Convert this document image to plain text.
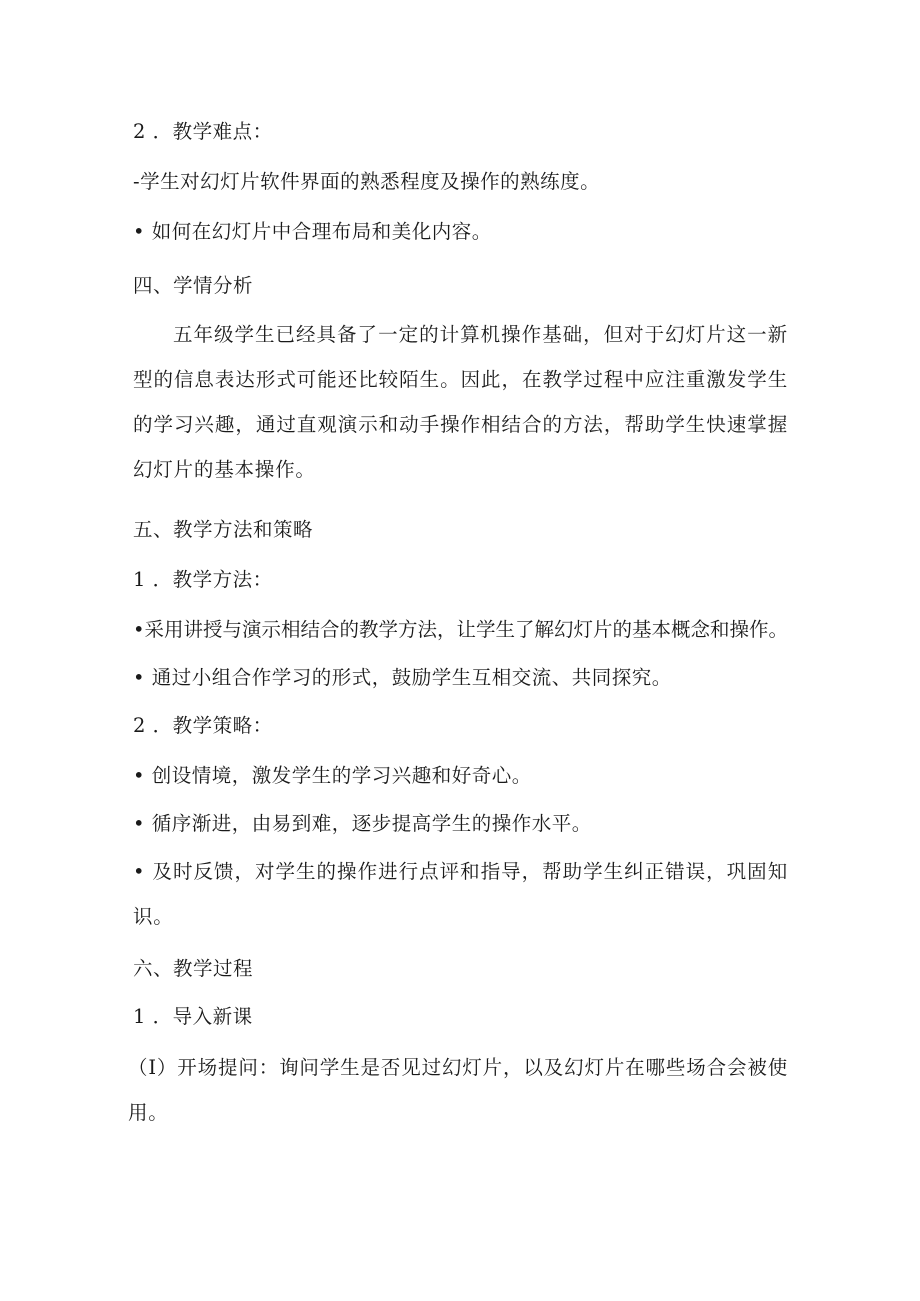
2 ．教学难点：
-学生对幻灯片软件界面的熟悉程度及操作的熟练度。
• 如何在幻灯片中合理布局和美化内容。
四、学情分析
五年级学生已经具备了一定的计算机操作基础，但对于幻灯片这一新型的信息表达形式可能还比较陌生。因此，在教学过程中应注重激发学生的学习兴趣，通过直观演示和动手操作相结合的方法，帮助学生快速掌握幻灯片的基本操作。
五、教学方法和策略
1 ．教学方法：
•采用讲授与演示相结合的教学方法，让学生了解幻灯片的基本概念和操作。
• 通过小组合作学习的形式，鼓励学生互相交流、共同探究。
2 ．教学策略：
• 创设情境，激发学生的学习兴趣和好奇心。
• 循序渐进，由易到难，逐步提高学生的操作水平。
• 及时反馈，对学生的操作进行点评和指导，帮助学生纠正错误，巩固知识。
六、教学过程
1 ．导入新课
（I）开场提问：询问学生是否见过幻灯片，以及幻灯片在哪些场合会被使用。
